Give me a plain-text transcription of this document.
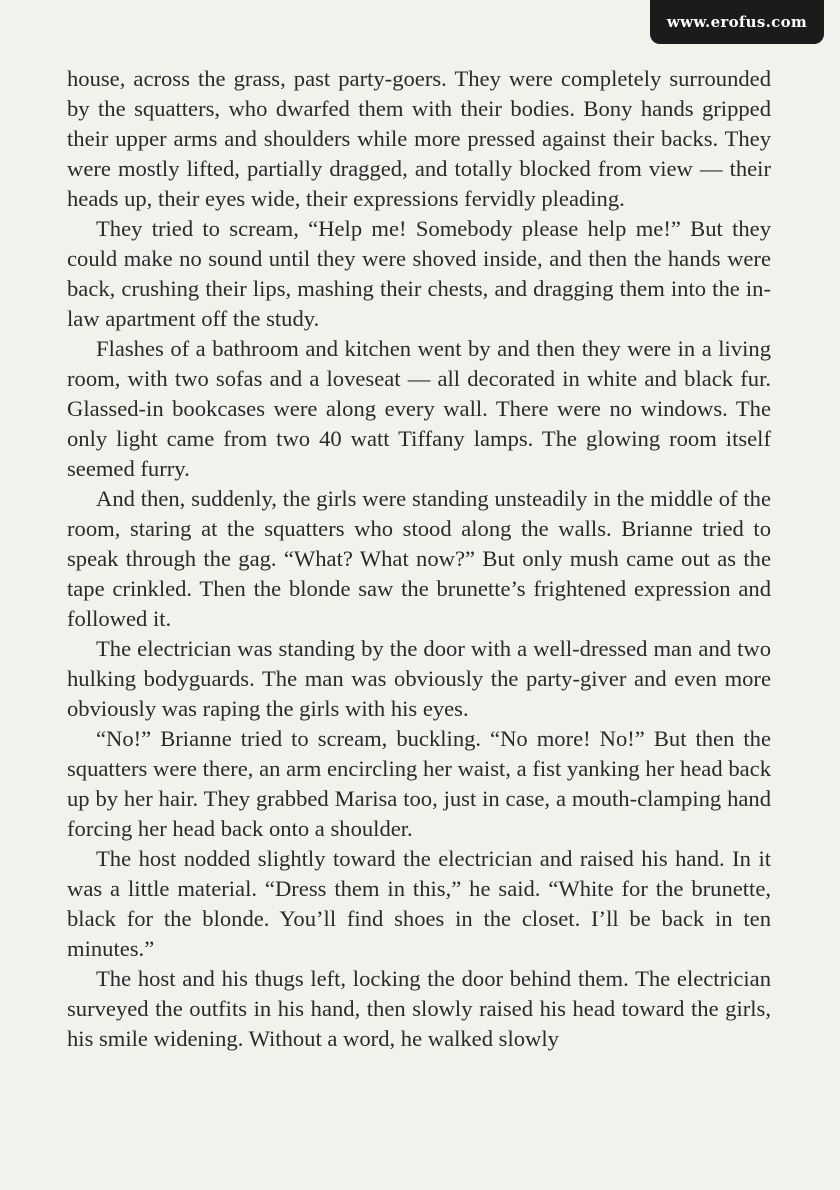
www.erofus.com

house, across the grass, past party-goers. They were completely surrounded by the squatters, who dwarfed them with their bodies. Bony hands gripped their upper arms and shoulders while more pressed against their backs. They were mostly lifted, partially dragged, and totally blocked from view — their heads up, their eyes wide, their expressions fervidly pleading.

They tried to scream, “Help me! Somebody please help me!” But they could make no sound until they were shoved inside, and then the hands were back, crushing their lips, mashing their chests, and dragging them into the in-law apartment off the study.

Flashes of a bathroom and kitchen went by and then they were in a living room, with two sofas and a loveseat — all decorated in white and black fur. Glassed-in bookcases were along every wall. There were no windows. The only light came from two 40 watt Tiffany lamps. The glowing room itself seemed furry.

And then, suddenly, the girls were standing unsteadily in the middle of the room, staring at the squatters who stood along the walls. Brianne tried to speak through the gag. “What? What now?” But only mush came out as the tape crinkled. Then the blonde saw the brunette’s frightened expression and followed it.

The electrician was standing by the door with a well-dressed man and two hulking bodyguards. The man was obviously the party-giver and even more obviously was raping the girls with his eyes.

“No!” Brianne tried to scream, buckling. “No more! No!” But then the squatters were there, an arm encircling her waist, a fist yanking her head back up by her hair. They grabbed Marisa too, just in case, a mouth-clamping hand forcing her head back onto a shoulder.

The host nodded slightly toward the electrician and raised his hand. In it was a little material. “Dress them in this,” he said. “White for the brunette, black for the blonde. You’ll find shoes in the closet. I’ll be back in ten minutes.”

The host and his thugs left, locking the door behind them. The electrician surveyed the outfits in his hand, then slowly raised his head toward the girls, his smile widening. Without a word, he walked slowly
